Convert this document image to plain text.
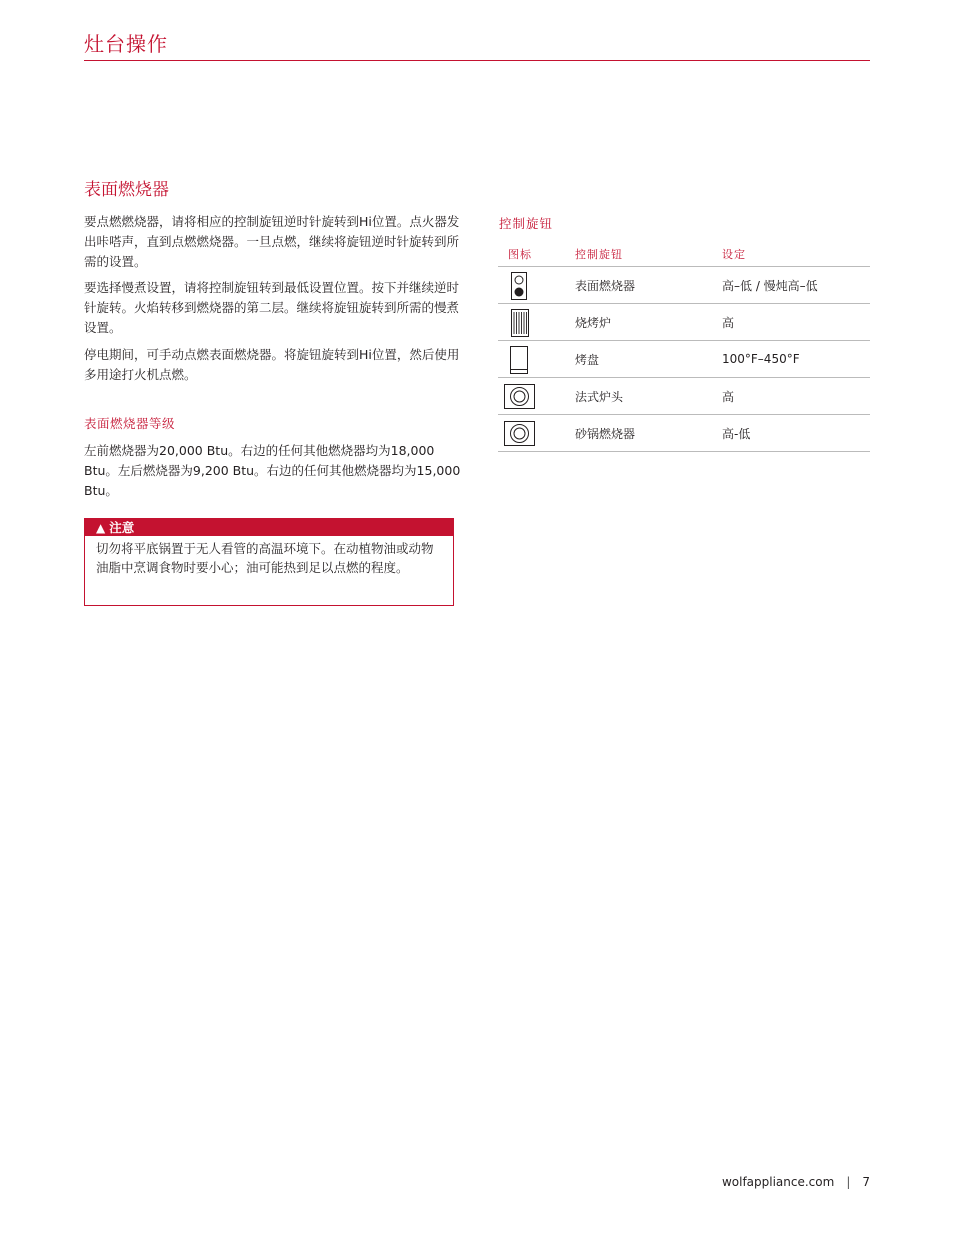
灶台操作
表面燃烧器
要点燃燃烧器，请将相应的控制旋钮逆时针旋转到Hi位置。点火器发出咔嗒声，直到点燃燃烧器。一旦点燃，继续将旋钮逆时针旋转到所需的设置。
要选择慢煮设置，请将控制旋钮转到最低设置位置。按下并继续逆时针旋转。火焰转移到燃烧器的第二层。继续将旋钮旋转到所需的慢煮设置。
停电期间，可手动点燃表面燃烧器。将旋钮旋转到Hi位置，然后使用多用途打火机点燃。
表面燃烧器等级
左前燃烧器为20,000 Btu。右边的任何其他燃烧器均为18,000 Btu。左后燃烧器为9,200 Btu。右边的任何其他燃烧器均为15,000 Btu。
▲ 注意
切勿将平底锅置于无人看管的高温环境下。在动植物油或动物油脂中烹调食物时要小心；油可能热到足以点燃的程度。
控制旋钮
图标	控制旋钮	设定
表面燃烧器	高–低 / 慢炖高–低
烧烤炉	高
烤盘	100°F–450°F
法式炉头	高
砂锅燃烧器	高-低
wolfappliance.com | 7
